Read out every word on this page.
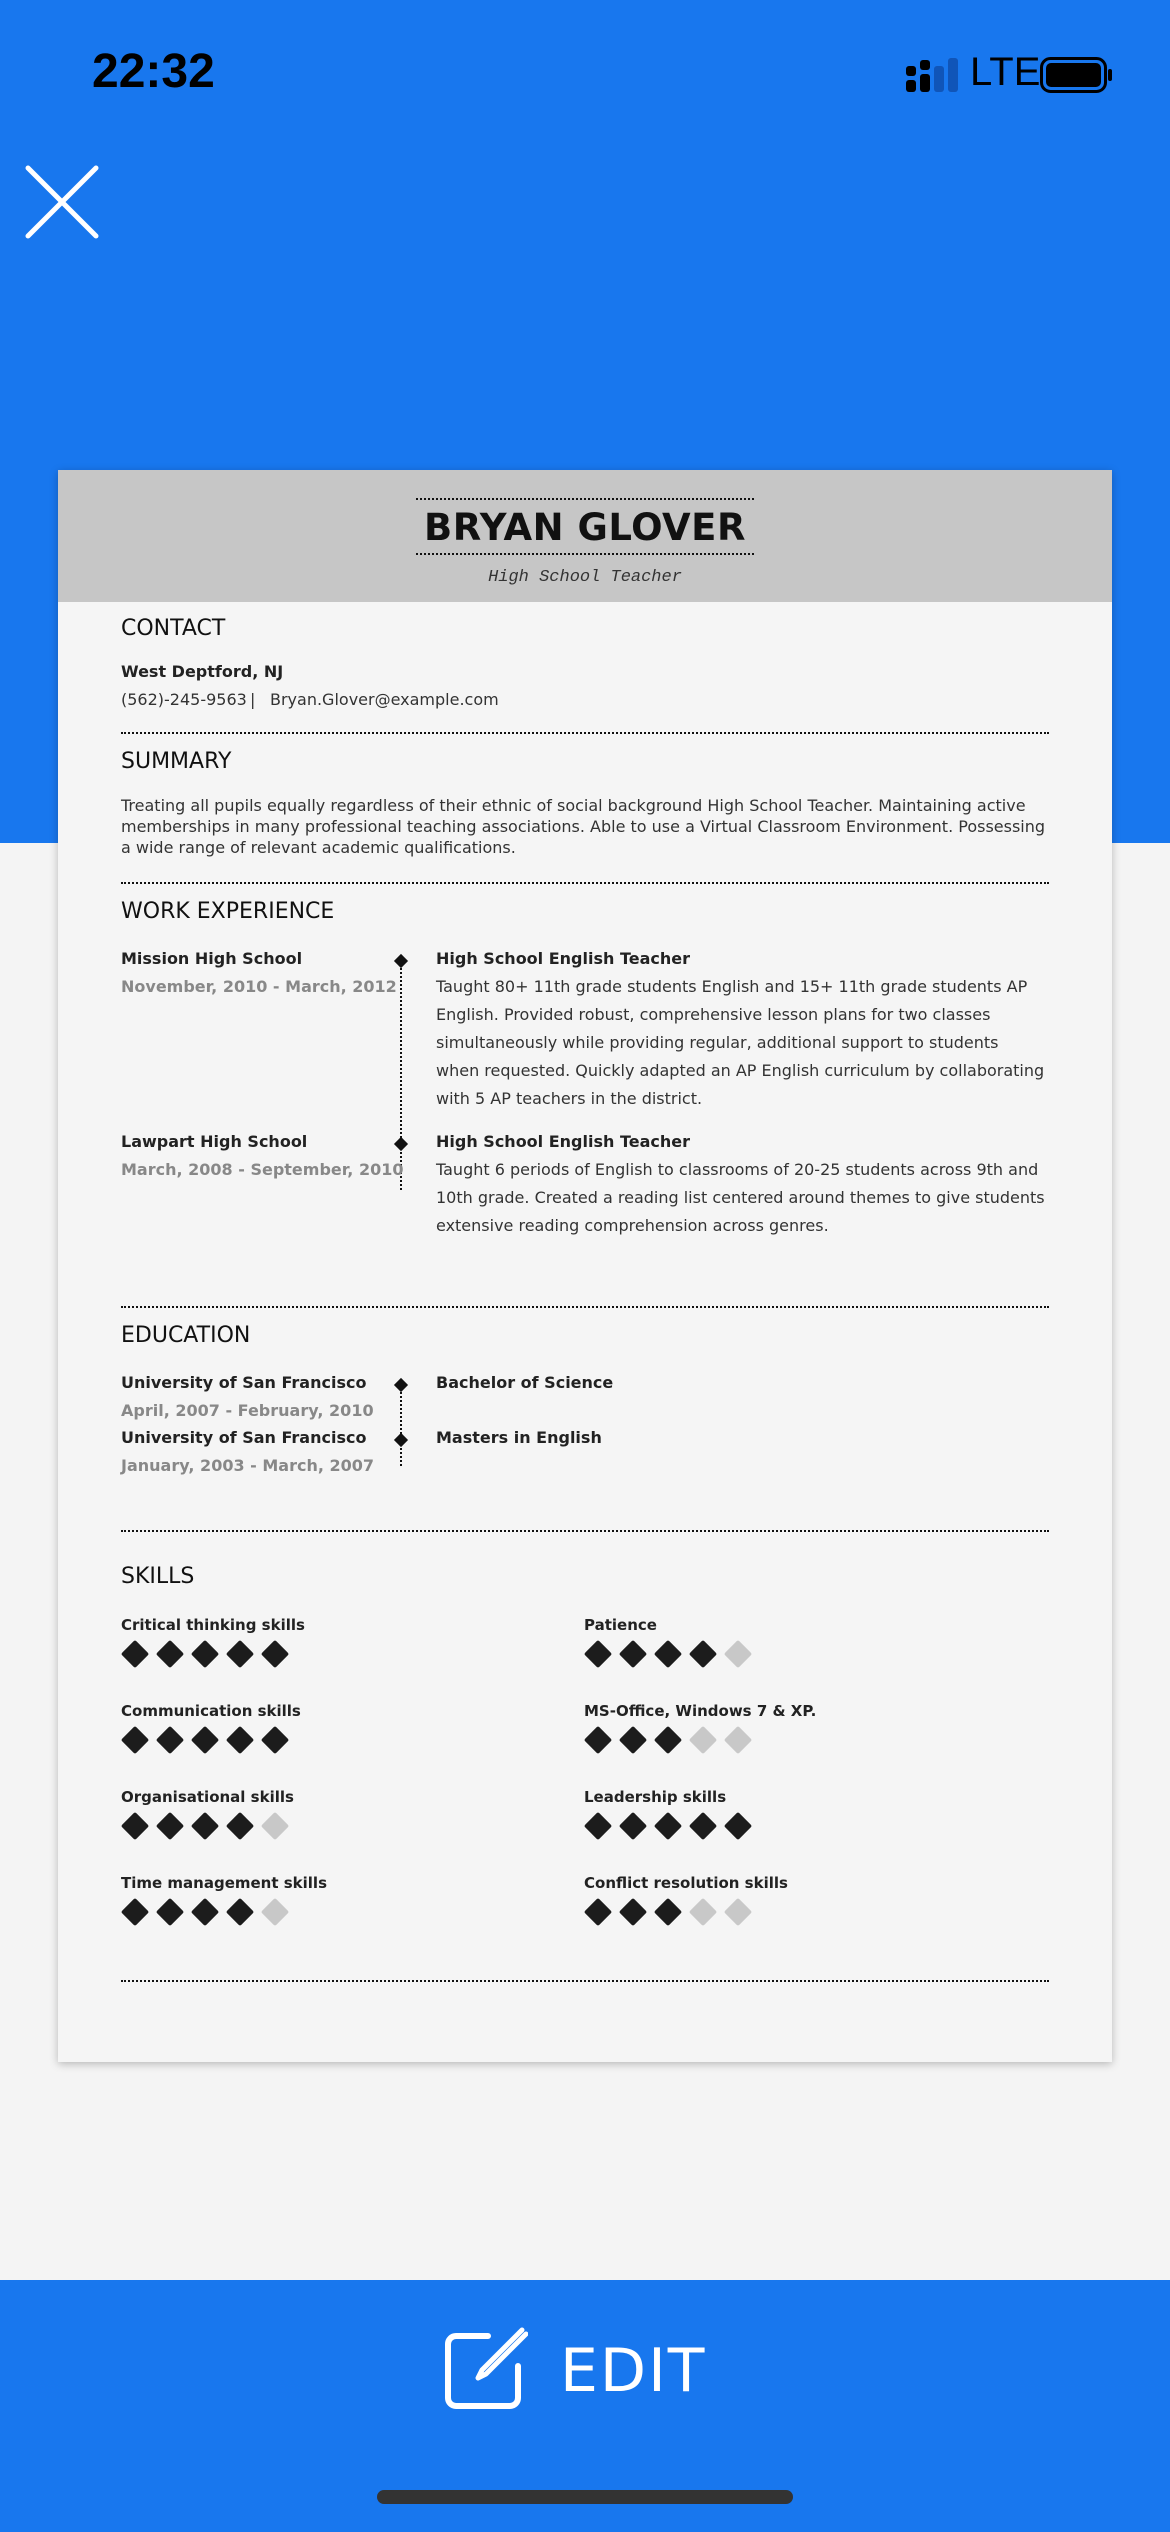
22:32	LTE
BRYAN GLOVER
High School Teacher
CONTACT
West Deptford, NJ
(562)-245-9563 | Bryan.Glover@example.com
SUMMARY
Treating all pupils equally regardless of their ethnic of social background High School Teacher. Maintaining active memberships in many professional teaching associations. Able to use a Virtual Classroom Environment. Possessing a wide range of relevant academic qualifications.
WORK EXPERIENCE
Mission High School
November, 2010 - March, 2012
High School English Teacher
Taught 80+ 11th grade students English and 15+ 11th grade students AP English. Provided robust, comprehensive lesson plans for two classes simultaneously while providing regular, additional support to students when requested. Quickly adapted an AP English curriculum by collaborating with 5 AP teachers in the district.
Lawpart High School
March, 2008 - September, 2010
High School English Teacher
Taught 6 periods of English to classrooms of 20-25 students across 9th and 10th grade. Created a reading list centered around themes to give students extensive reading comprehension across genres.
EDUCATION
University of San Francisco
April, 2007 - February, 2010
Bachelor of Science
University of San Francisco
January, 2003 - March, 2007
Masters in English
SKILLS
Critical thinking skills	Patience
Communication skills	MS-Office, Windows 7 & XP.
Organisational skills	Leadership skills
Time management skills	Conflict resolution skills
EDIT
